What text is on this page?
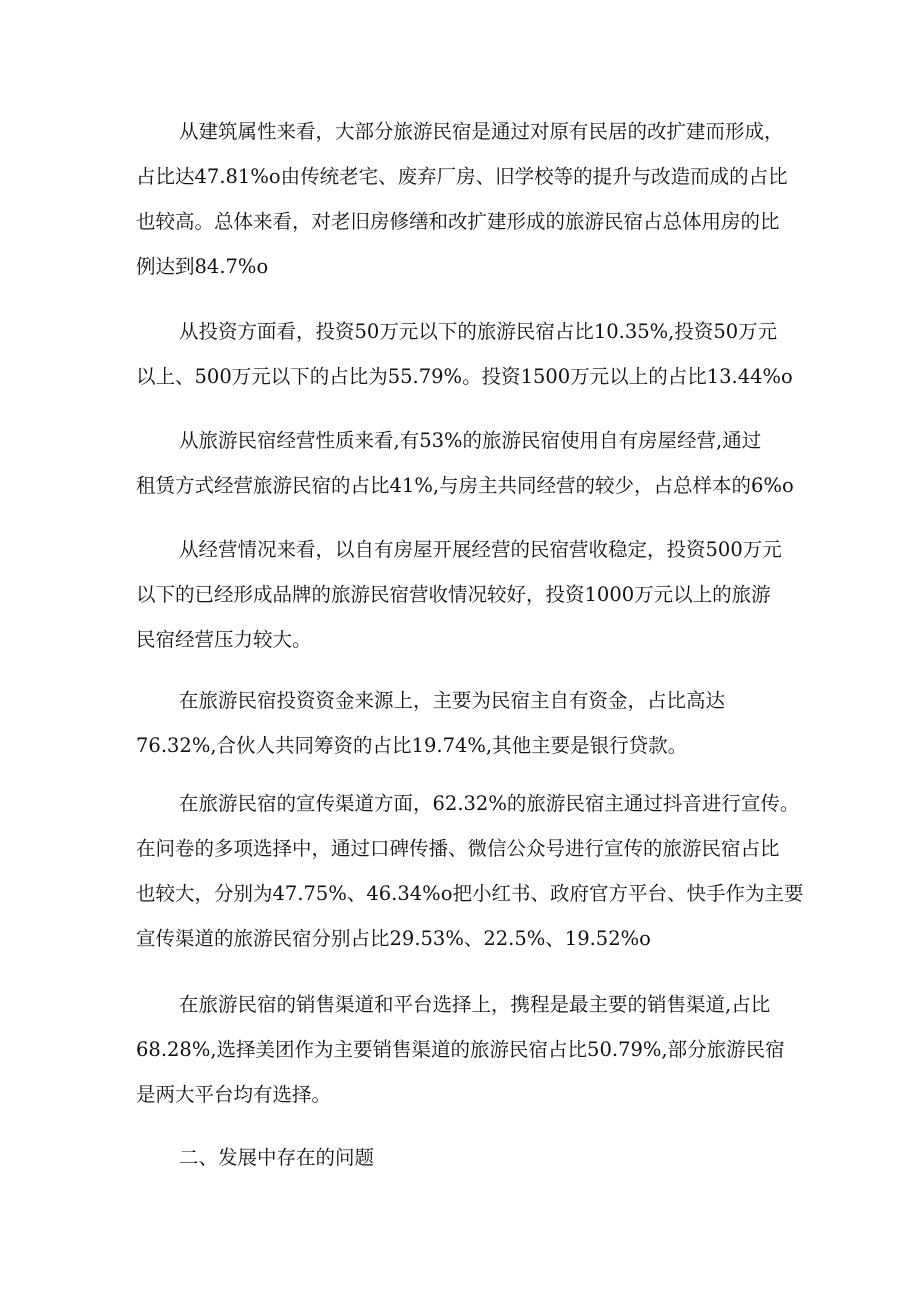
从建筑属性来看，大部分旅游民宿是通过对原有民居的改扩建而形成，
占比达47.81%o由传统老宅、废弃厂房、旧学校等的提升与改造而成的占比
也较高。总体来看，对老旧房修缮和改扩建形成的旅游民宿占总体用房的比
例达到84.7%o
从投资方面看，投资50万元以下的旅游民宿占比10.35%,投资50万元
以上、500万元以下的占比为55.79%。投资1500万元以上的占比13.44%o
从旅游民宿经营性质来看,有53%的旅游民宿使用自有房屋经营,通过
租赁方式经营旅游民宿的占比41%,与房主共同经营的较少，占总样本的6%o
从经营情况来看，以自有房屋开展经营的民宿营收稳定，投资500万元
以下的已经形成品牌的旅游民宿营收情况较好，投资1000万元以上的旅游
民宿经营压力较大。
在旅游民宿投资资金来源上，主要为民宿主自有资金，占比高达
76.32%,合伙人共同筹资的占比19.74%,其他主要是银行贷款。
在旅游民宿的宣传渠道方面，62.32%的旅游民宿主通过抖音进行宣传。
在问卷的多项选择中，通过口碑传播、微信公众号进行宣传的旅游民宿占比
也较大，分别为47.75%、46.34%o把小红书、政府官方平台、快手作为主要
宣传渠道的旅游民宿分别占比29.53%、22.5%、19.52%o
在旅游民宿的销售渠道和平台选择上，携程是最主要的销售渠道,占比
68.28%,选择美团作为主要销售渠道的旅游民宿占比50.79%,部分旅游民宿
是两大平台均有选择。
二、发展中存在的问题
